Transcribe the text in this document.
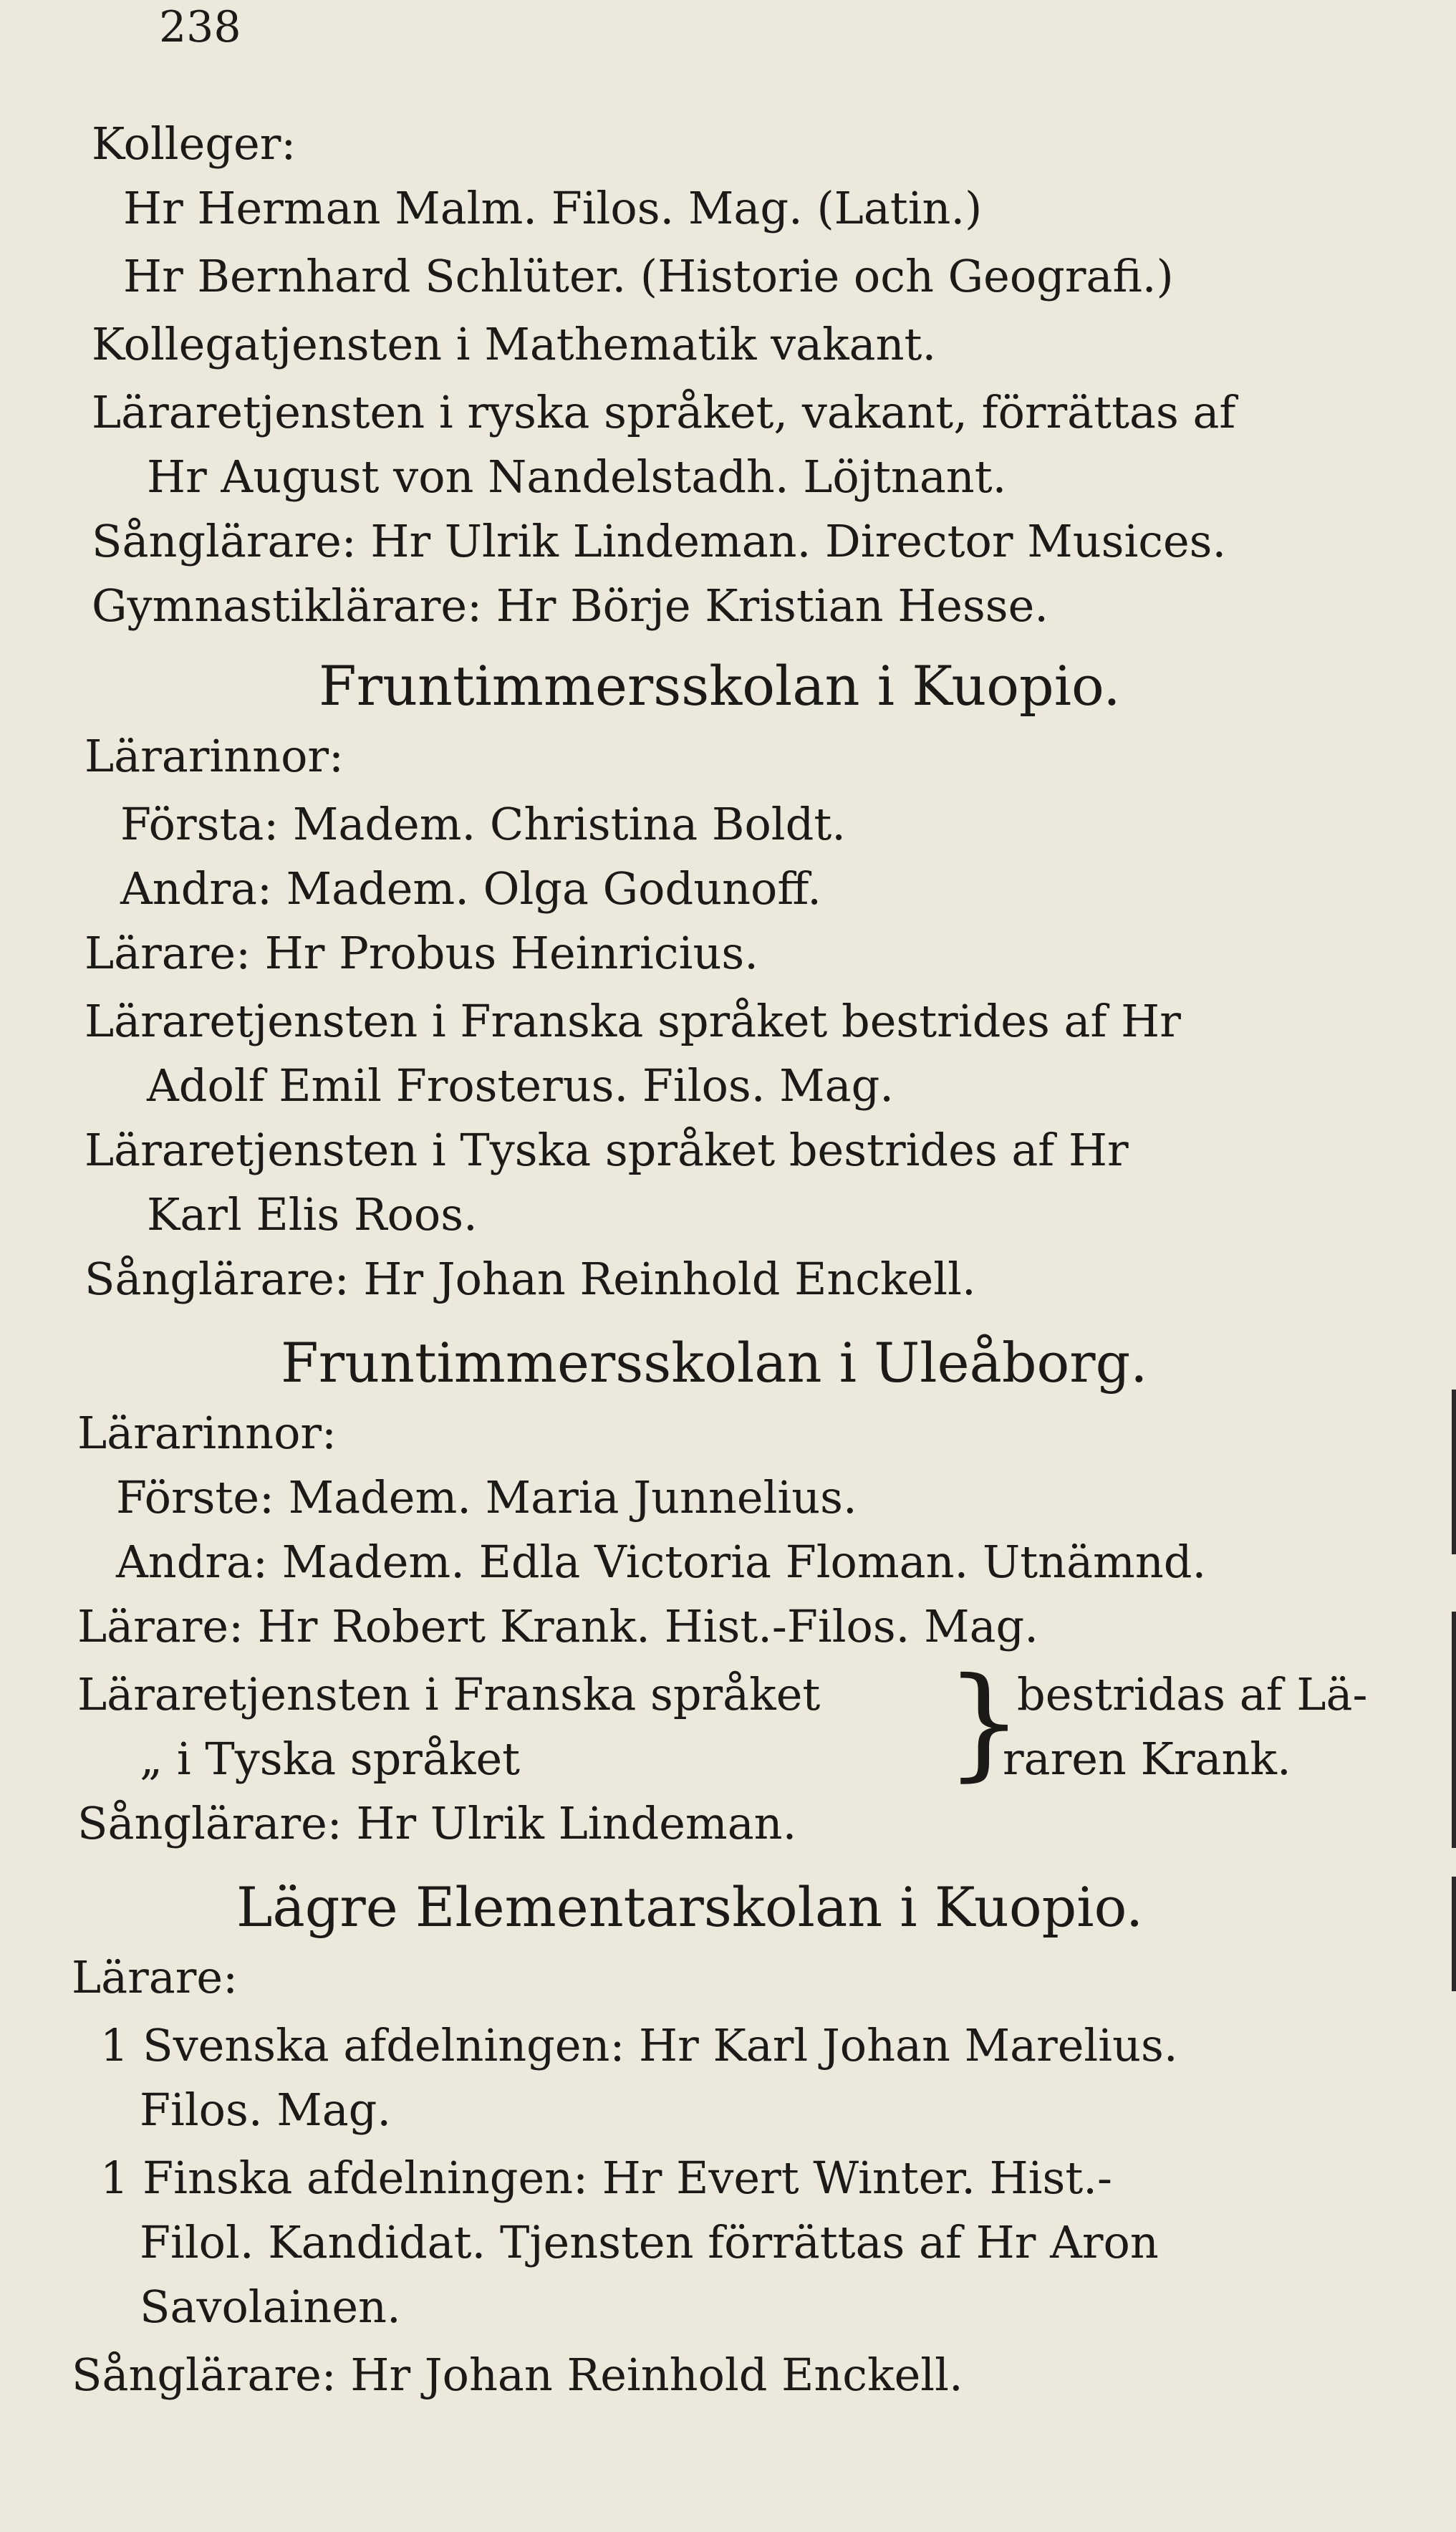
238
Kolleger:
Hr Herman Malm. Filos. Mag. (Latin.)
Hr Bernhard Schlüter. (Historie och Geografi.)
Kollegatjensten i Mathematik vakant.
Läraretjensten i ryska språket, vakant, förrättas af
Hr August von Nandelstadh. Löjtnant.
Sånglärare: Hr Ulrik Lindeman. Director Musices.
Gymnastiklärare: Hr Börje Kristian Hesse.
Fruntimmersskolan i Kuopio.
Lärarinnor:
Första: Madem. Christina Boldt.
Andra: Madem. Olga Godunoff.
Lärare: Hr Probus Heinricius.
Läraretjensten i Franska språket bestrides af Hr
Adolf Emil Frosterus. Filos. Mag.
Läraretjensten i Tyska språket bestrides af Hr
Karl Elis Roos.
Sånglärare: Hr Johan Reinhold Enckell.
Fruntimmersskolan i Uleåborg.
Lärarinnor:
Förste: Madem. Maria Junnelius.
Andra: Madem. Edla Victoria Floman. Utnämnd.
Lärare: Hr Robert Krank. Hist.-Filos. Mag.
Läraretjensten i Franska språket
„ i Tyska språket	}
bestridas af Lä-
raren Krank.
Sånglärare: Hr Ulrik Lindeman.
Lägre Elementarskolan i Kuopio.
Lärare:
1 Svenska afdelningen: Hr Karl Johan Marelius.
Filos. Mag.
1 Finska afdelningen: Hr Evert Winter. Hist.-
Filol. Kandidat. Tjensten förrättas af Hr Aron
Savolainen.
Sånglärare: Hr Johan Reinhold Enckell.
